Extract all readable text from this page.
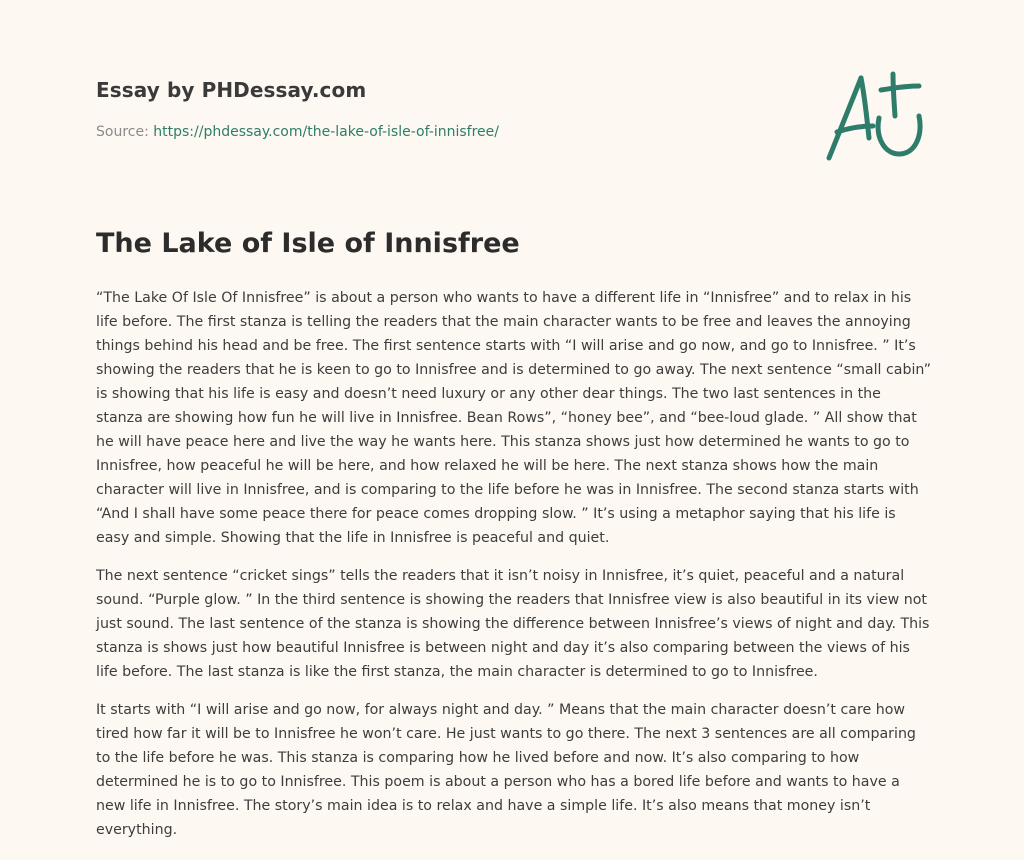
Essay by PHDessay.com
Source: https://phdessay.com/the-lake-of-isle-of-innisfree/
The Lake of Isle of Innisfree

“The Lake Of Isle Of Innisfree” is about a person who wants to have a different life in “Innisfree” and to relax in his life before. The first stanza is telling the readers that the main character wants to be free and leaves the annoying things behind his head and be free. The first sentence starts with “I will arise and go now, and go to Innisfree. ” It’s showing the readers that he is keen to go to Innisfree and is determined to go away. The next sentence “small cabin” is showing that his life is easy and doesn’t need luxury or any other dear things. The two last sentences in the stanza are showing how fun he will live in Innisfree. Bean Rows”, “honey bee”, and “bee-loud glade. ” All show that he will have peace here and live the way he wants here. This stanza shows just how determined he wants to go to Innisfree, how peaceful he will be here, and how relaxed he will be here. The next stanza shows how the main character will live in Innisfree, and is comparing to the life before he was in Innisfree. The second stanza starts with “And I shall have some peace there for peace comes dropping slow. ” It’s using a metaphor saying that his life is easy and simple. Showing that the life in Innisfree is peaceful and quiet.

The next sentence “cricket sings” tells the readers that it isn’t noisy in Innisfree, it’s quiet, peaceful and a natural sound. “Purple glow. ” In the third sentence is showing the readers that Innisfree view is also beautiful in its view not just sound. The last sentence of the stanza is showing the difference between Innisfree’s views of night and day. This stanza is shows just how beautiful Innisfree is between night and day it’s also comparing between the views of his life before. The last stanza is like the first stanza, the main character is determined to go to Innisfree.

It starts with “I will arise and go now, for always night and day. ” Means that the main character doesn’t care how tired how far it will be to Innisfree he won’t care. He just wants to go there. The next 3 sentences are all comparing to the life before he was. This stanza is comparing how he lived before and now. It’s also comparing to how determined he is to go to Innisfree. This poem is about a person who has a bored life before and wants to have a new life in Innisfree. The story’s main idea is to relax and have a simple life. It’s also means that money isn’t everything.
